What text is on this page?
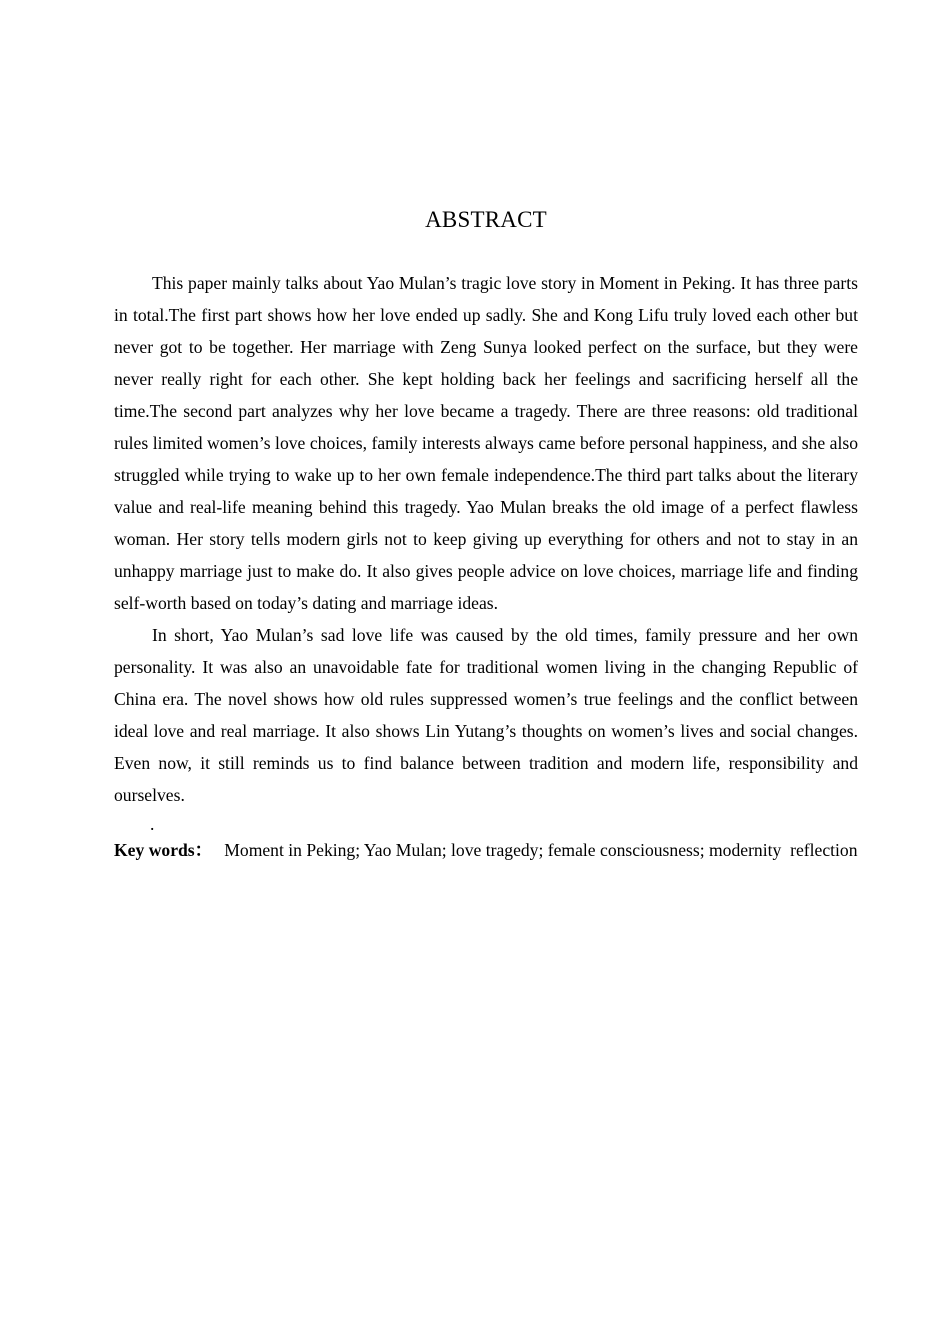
ABSTRACT

This paper mainly talks about Yao Mulan’s tragic love story in Moment in Peking. It has three parts in total.The first part shows how her love ended up sadly. She and Kong Lifu truly loved each other but never got to be together. Her marriage with Zeng Sunya looked perfect on the surface, but they were never really right for each other. She kept holding back her feelings and sacrificing herself all the time.The second part analyzes why her love became a tragedy. There are three reasons: old traditional rules limited women’s love choices, family interests always came before personal happiness, and she also struggled while trying to wake up to her own female independence.The third part talks about the literary value and real-life meaning behind this tragedy. Yao Mulan breaks the old image of a perfect flawless woman. Her story tells modern girls not to keep giving up everything for others and not to stay in an unhappy marriage just to make do. It also gives people advice on love choices, marriage life and finding self-worth based on today’s dating and marriage ideas.

In short, Yao Mulan’s sad love life was caused by the old times, family pressure and her own personality. It was also an unavoidable fate for traditional women living in the changing Republic of China era. The novel shows how old rules suppressed women’s true feelings and the conflict between ideal love and real marriage. It also shows Lin Yutang’s thoughts on women’s lives and social changes. Even now, it still reminds us to find balance between tradition and modern life, responsibility and ourselves.

.

Key words： Moment in Peking; Yao Mulan; love tragedy; female consciousness; modernity  reflection
